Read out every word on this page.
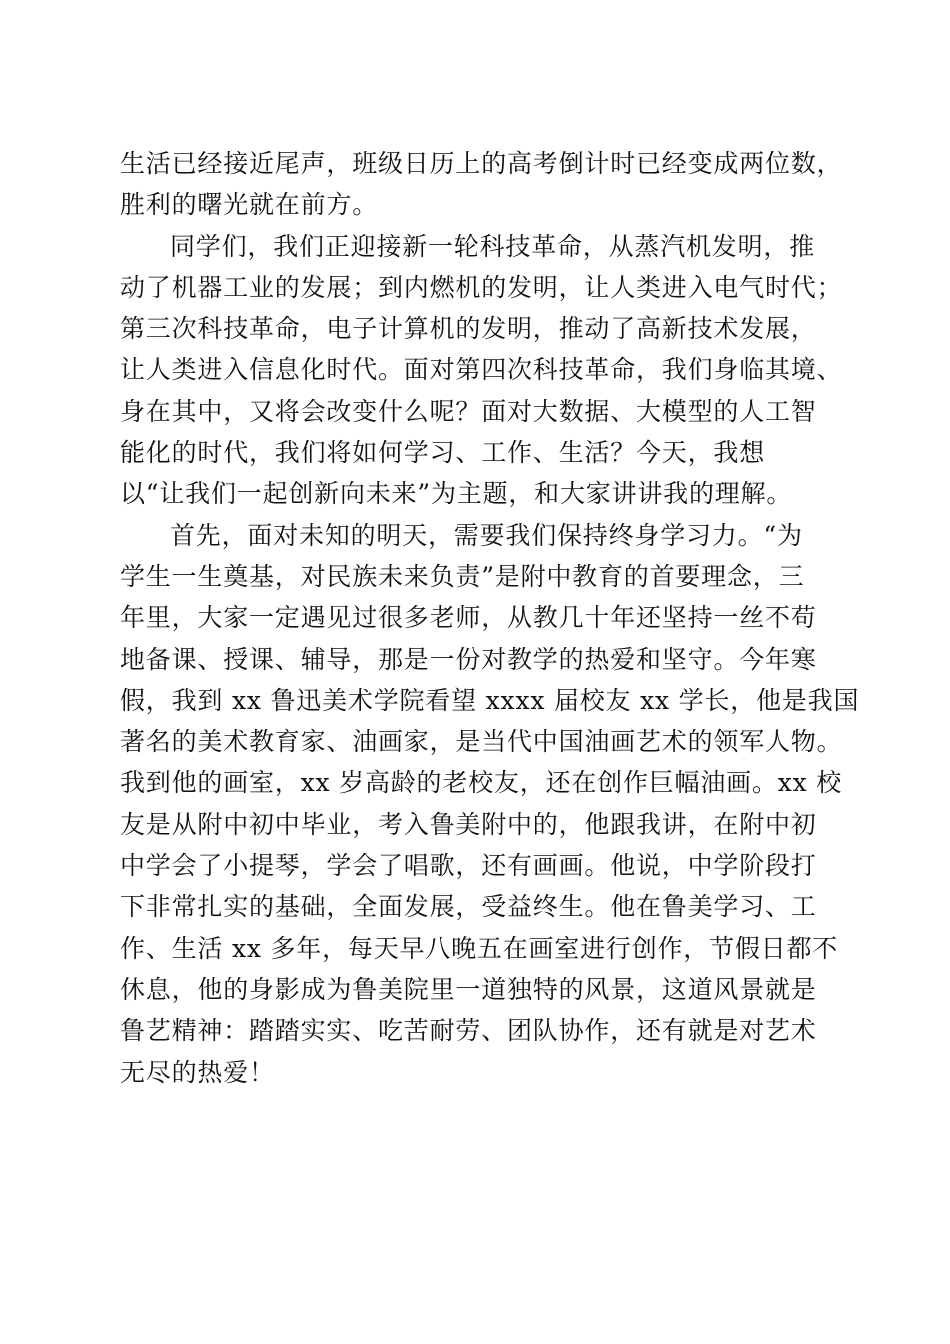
生活已经接近尾声，班级日历上的高考倒计时已经变成两位数，
胜利的曙光就在前方。
同学们，我们正迎接新一轮科技革命，从蒸汽机发明，推
动了机器工业的发展；到内燃机的发明，让人类进入电气时代；
第三次科技革命，电子计算机的发明，推动了高新技术发展，
让人类进入信息化时代。面对第四次科技革命，我们身临其境、
身在其中，又将会改变什么呢？面对大数据、大模型的人工智
能化的时代，我们将如何学习、工作、生活？今天，我想
以“让我们一起创新向未来”为主题，和大家讲讲我的理解。
首先，面对未知的明天，需要我们保持终身学习力。“为
学生一生奠基，对民族未来负责”是附中教育的首要理念，三
年里，大家一定遇见过很多老师，从教几十年还坚持一丝不苟
地备课、授课、辅导，那是一份对教学的热爱和坚守。今年寒
假，我到 xx 鲁迅美术学院看望 xxxx 届校友 xx 学长，他是我国
著名的美术教育家、油画家，是当代中国油画艺术的领军人物。
我到他的画室，xx 岁高龄的老校友，还在创作巨幅油画。xx 校
友是从附中初中毕业，考入鲁美附中的，他跟我讲，在附中初
中学会了小提琴，学会了唱歌，还有画画。他说，中学阶段打
下非常扎实的基础，全面发展，受益终生。他在鲁美学习、工
作、生活 xx 多年，每天早八晚五在画室进行创作，节假日都不
休息，他的身影成为鲁美院里一道独特的风景，这道风景就是
鲁艺精神：踏踏实实、吃苦耐劳、团队协作，还有就是对艺术
无尽的热爱！
